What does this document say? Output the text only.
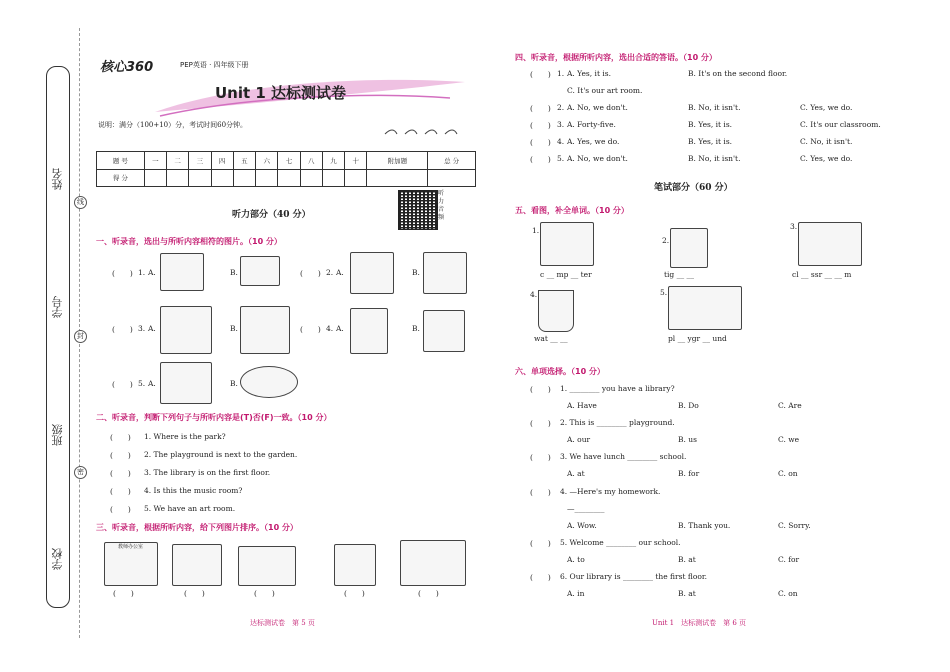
姓名
学号
班级
学校
线
封
密
核心360	PEP英语 · 四年级下册
Unit 1 达标测试卷
说明：满分（100+10）分，考试时间60分钟。
题 号	一	二	三	四	五	六	七	八	九	十	附加题	总 分
得 分												
听力部分（40 分）
听力音频
一、听录音，选出与所听内容相符的图片。（10 分）
(　　) 1. A.	B.	(　　) 2. A.	B.
(　　) 3. A.	B.	(　　) 4. A.	B.
(　　) 5. A.	B.
二、听录音，判断下列句子与所听内容是(T)否(F)一致。（10 分）
(　　) 1. Where is the park?
(　　) 2. The playground is next to the garden.
(　　) 3. The library is on the first floor.
(　　) 4. Is this the music room?
(　　) 5. We have an art room.
三、听录音，根据所听内容，给下列图片排序。（10 分）
教师办公室
(　　)	(　　)	(　　)	(　　)	(　　)
达标测试卷　第 5 页
四、听录音，根据所听内容，选出合适的答语。（10 分）
(　　) 1. A. Yes, it is.	B. It's on the second floor.
C. It's our art room.
(　　) 2. A. No, we don't.	B. No, it isn't.	C. Yes, we do.
(　　) 3. A. Forty-five.	B. Yes, it is.	C. It's our classroom.
(　　) 4. A. Yes, we do.	B. Yes, it is.	C. No, it isn't.
(　　) 5. A. No, we don't.	B. No, it isn't.	C. Yes, we do.
笔试部分（60 分）
五、看图，补全单词。（10 分）
1.
c __ mp __ ter
2.
tig __ __
3.
cl __ ssr __ __ m
4.
wat __ __
5.
pl __ ygr __ und
六、单项选择。（10 分）
(　　) 1. ________ you have a library?
A. Have	B. Do	C. Are
(　　) 2. This is ________ playground.
A. our	B. us	C. we
(　　) 3. We have lunch ________ school.
A. at	B. for	C. on
(　　) 4. —Here's my homework.
—________
A. Wow.	B. Thank you.	C. Sorry.
(　　) 5. Welcome ________ our school.
A. to	B. at	C. for
(　　) 6. Our library is ________ the first floor.
A. in	B. at	C. on
Unit 1　达标测试卷　第 6 页
